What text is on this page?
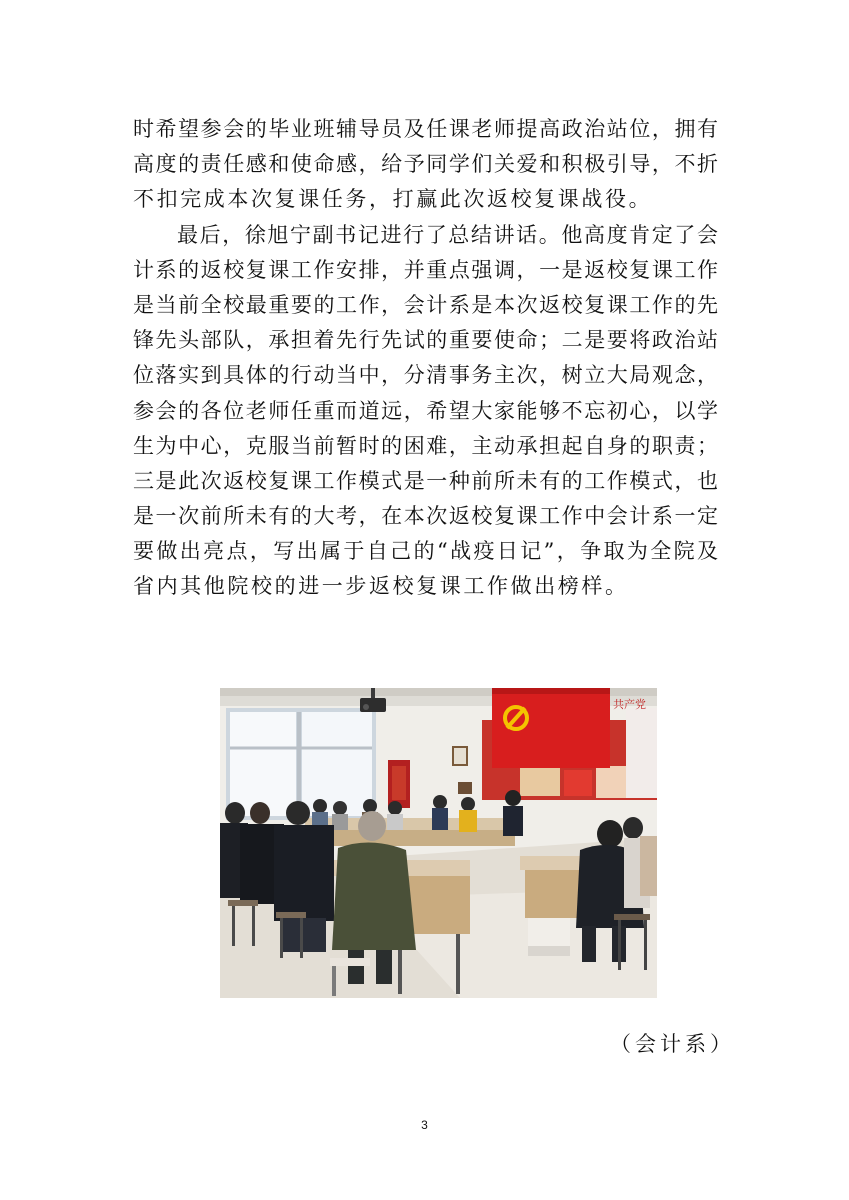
时希望参会的毕业班辅导员及任课老师提高政治站位，拥有

高度的责任感和使命感，给予同学们关爱和积极引导，不折

不扣完成本次复课任务，打赢此次返校复课战役。

最后，徐旭宁副书记进行了总结讲话。他高度肯定了会

计系的返校复课工作安排，并重点强调，一是返校复课工作

是当前全校最重要的工作，会计系是本次返校复课工作的先

锋先头部队，承担着先行先试的重要使命；二是要将政治站

位落实到具体的行动当中，分清事务主次，树立大局观念，

参会的各位老师任重而道远，希望大家能够不忘初心，以学

生为中心，克服当前暂时的困难，主动承担起自身的职责；

三是此次返校复课工作模式是一种前所未有的工作模式，也

是一次前所未有的大考，在本次返校复课工作中会计系一定

要做出亮点，写出属于自己的“战疫日记”，争取为全院及

省内其他院校的进一步返校复课工作做出榜样。

共产党
（会计系）
3
